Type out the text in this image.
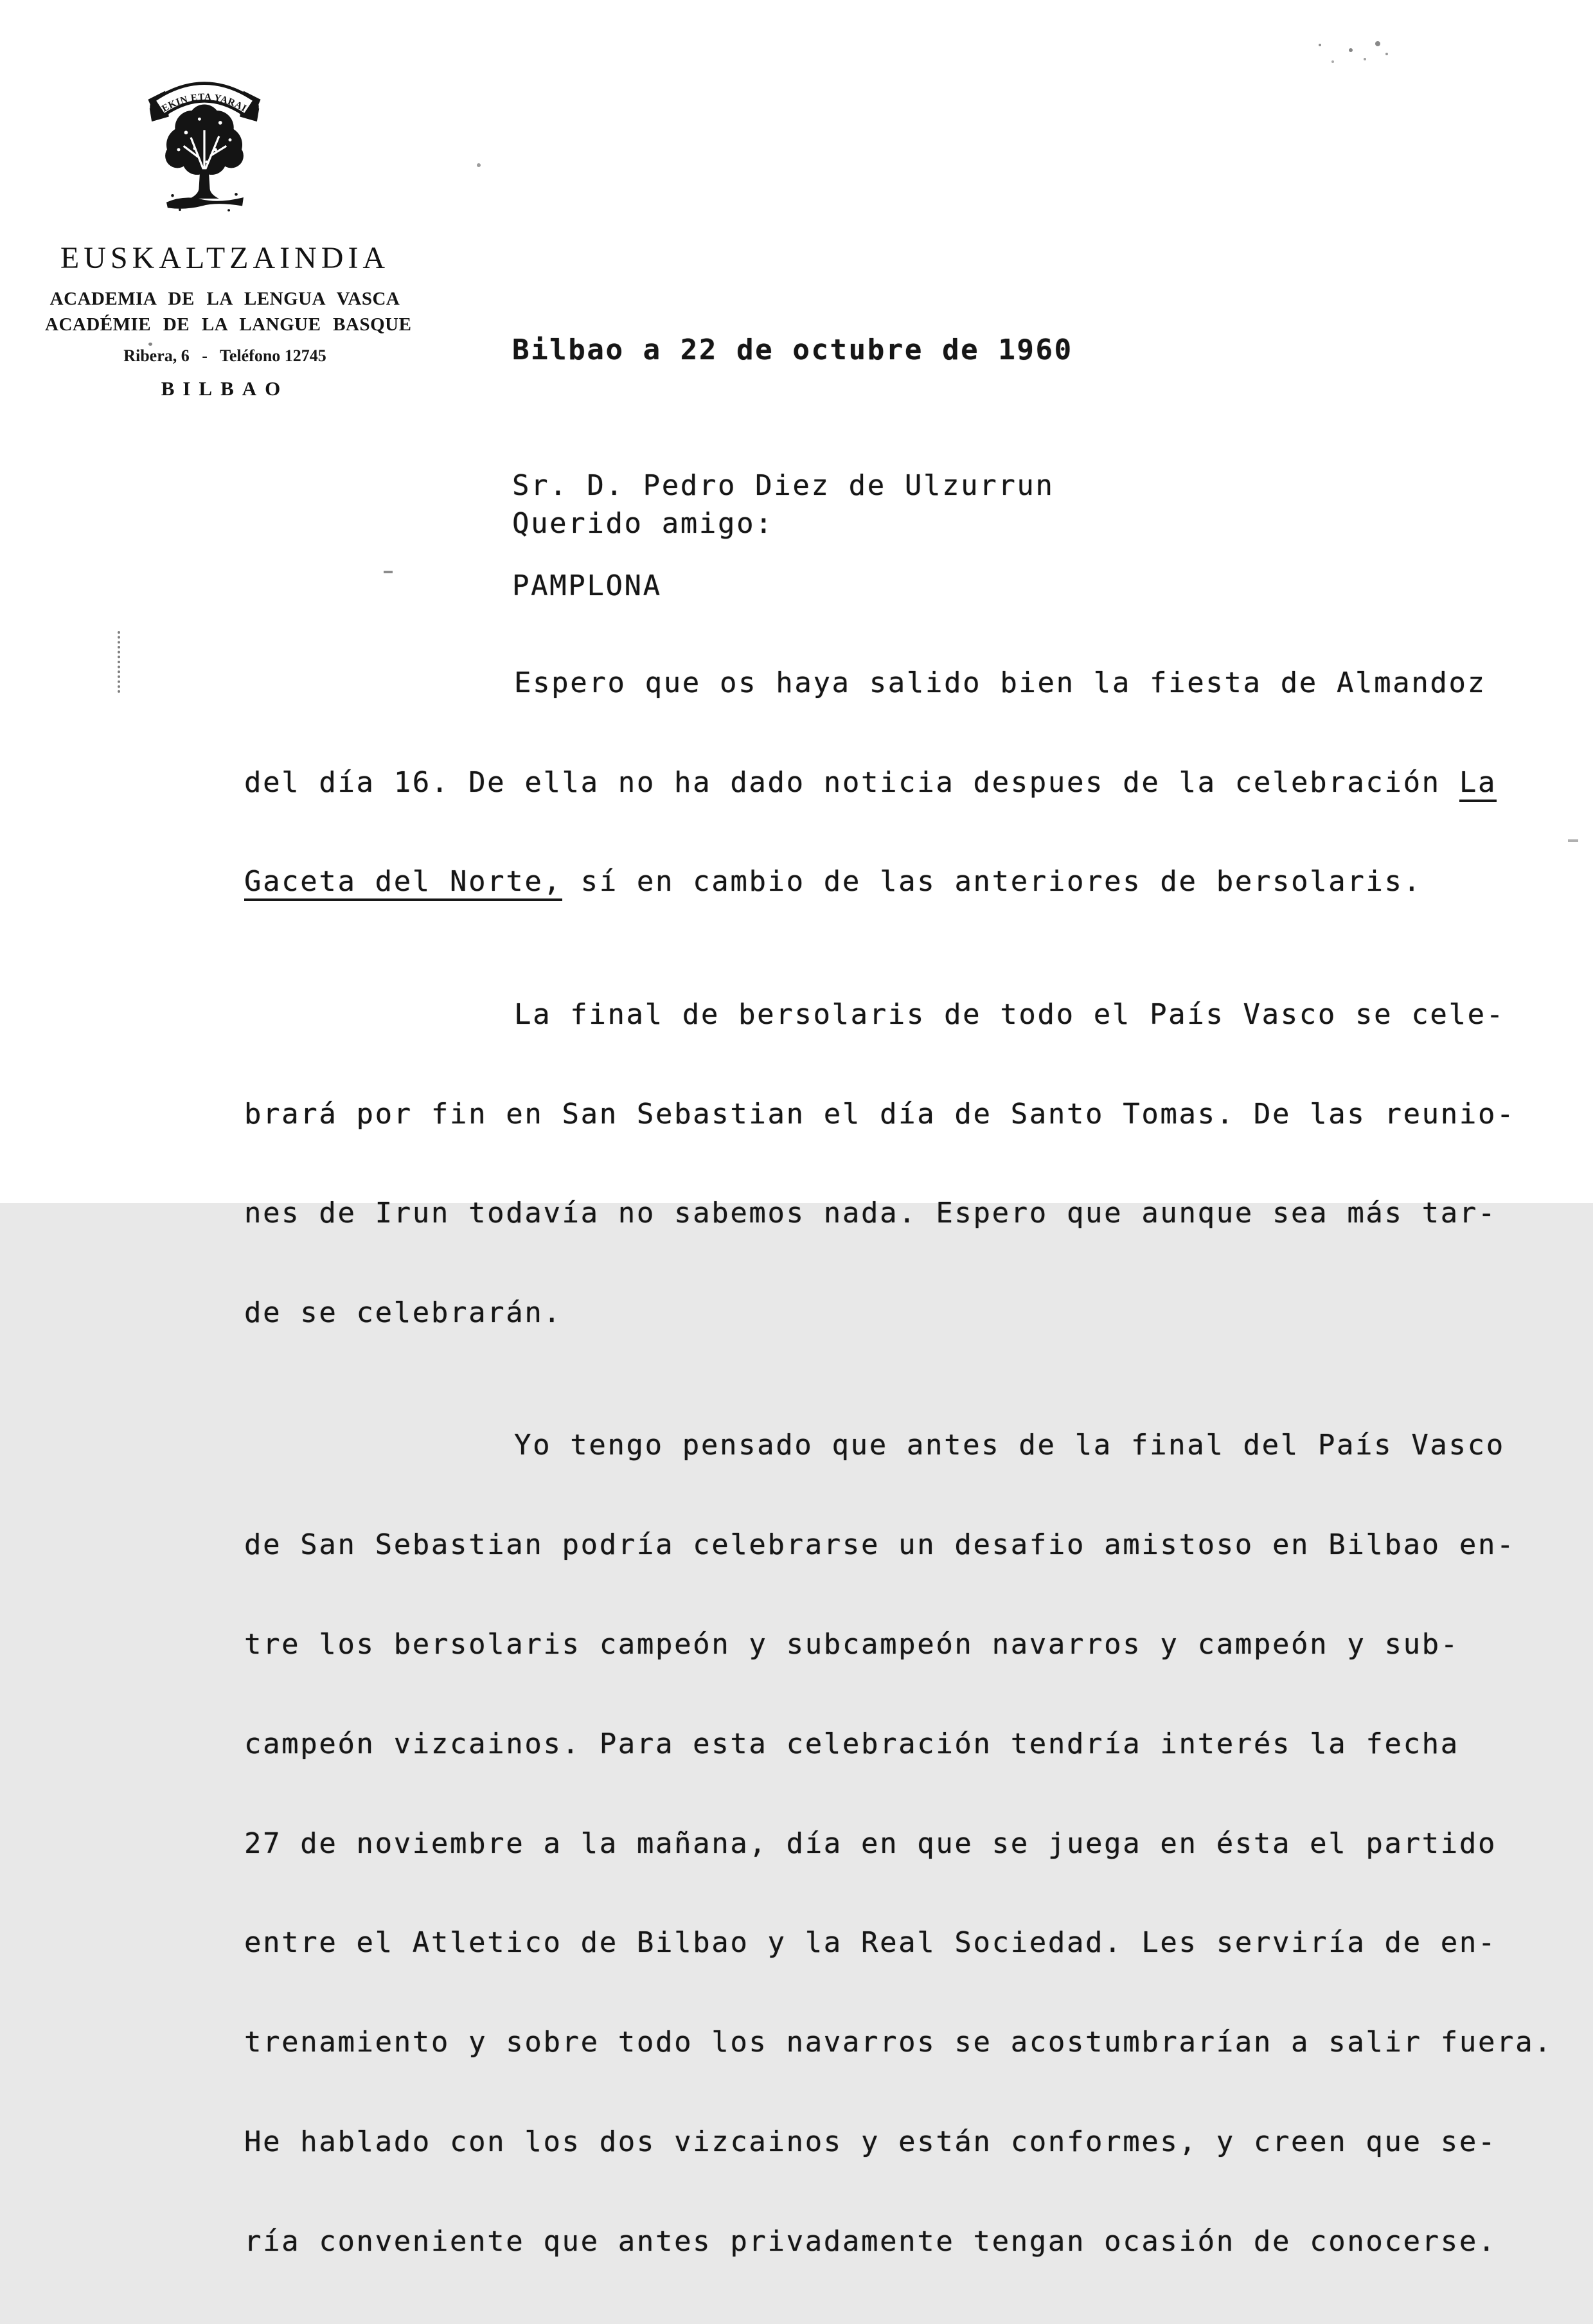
EKIN ETA YARAI
EUSKALTZAINDIA
ACADEMIA DE LA LENGUA VASCA
ACADÉMIE DE LA LANGUE BASQUE
Ribera, 6   -   Teléfono 12745
BILBAO
Bilbao a 22 de octubre de 1960

Sr. D. Pedro Diez de Ulzurrun

PAMPLONA

Querido amigo:

Espero que os haya salido bien la fiesta de Almandoz

del día 16. De ella no ha dado noticia despues de la celebración La

Gaceta del Norte, sí en cambio de las anteriores de bersolaris.

La final de bersolaris de todo el País Vasco se cele-

brará por fin en San Sebastian el día de Santo Tomas. De las reunio-

nes de Irun todavía no sabemos nada. Espero que aunque sea más tar-

de se celebrarán.

Yo tengo pensado que antes de la final del País Vasco

de San Sebastian podría celebrarse un desafio amistoso en Bilbao en-

tre los bersolaris campeón y subcampeón navarros y campeón y sub-

campeón vizcainos. Para esta celebración tendría interés la fecha

27 de noviembre a la mañana, día en que se juega en ésta el partido

entre el Atletico de Bilbao y la Real Sociedad. Les serviría de en-

trenamiento y sobre todo los navarros se acostumbrarían a salir fuera.

He hablado con los dos vizcainos y están conformes, y creen que se-

ría conveniente que antes privadamente tengan ocasión de conocerse.
